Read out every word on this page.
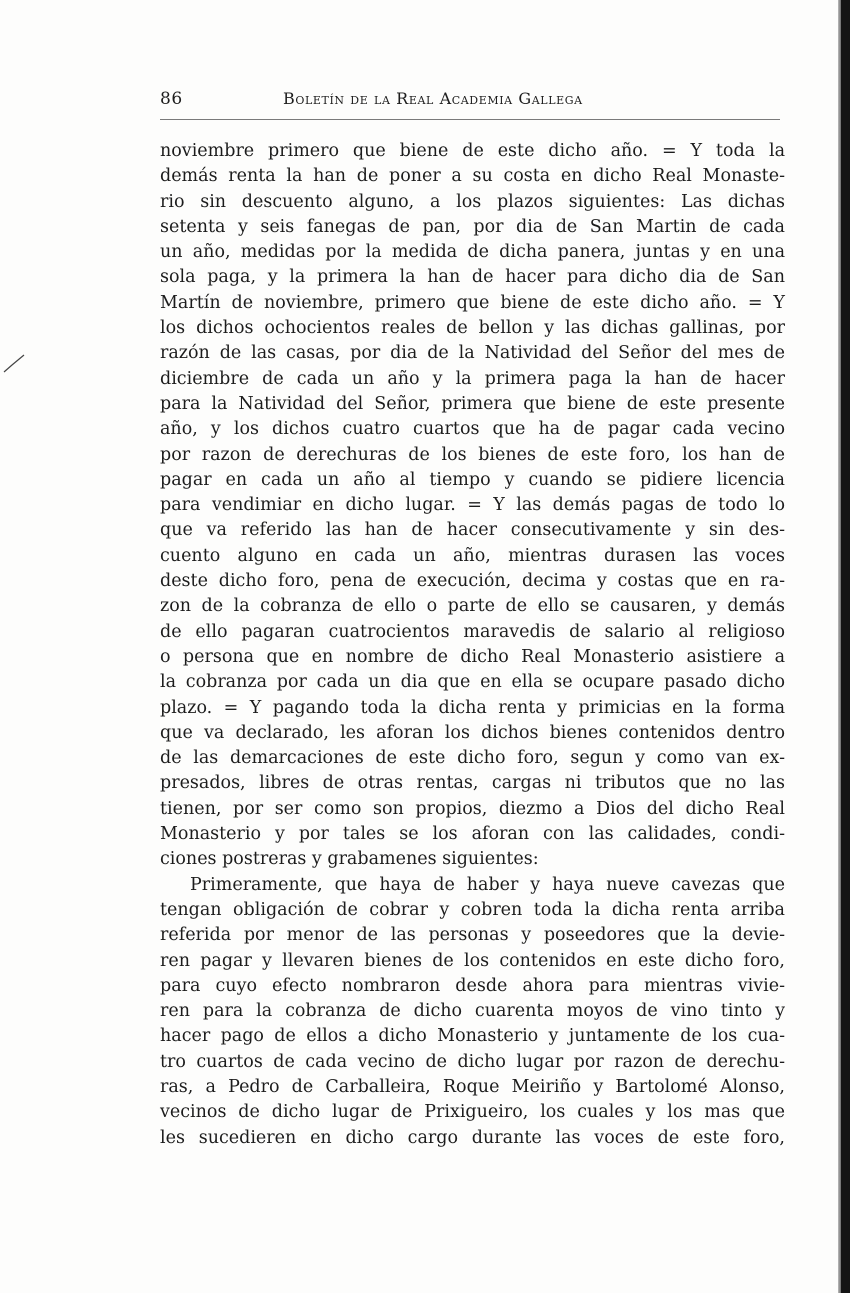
86	Boletín de la Real Academia Gallega
noviembre primero que biene de este dicho año. = Y toda la
demás renta la han de poner a su costa en dicho Real Monaste-
rio sin descuento alguno, a los plazos siguientes: Las dichas
setenta y seis fanegas de pan, por dia de San Martin de cada
un año, medidas por la medida de dicha panera, juntas y en una
sola paga, y la primera la han de hacer para dicho dia de San
Martín de noviembre, primero que biene de este dicho año. = Y
los dichos ochocientos reales de bellon y las dichas gallinas, por
razón de las casas, por dia de la Natividad del Señor del mes de
diciembre de cada un año y la primera paga la han de hacer
para la Natividad del Señor, primera que biene de este presente
año, y los dichos cuatro cuartos que ha de pagar cada vecino
por razon de derechuras de los bienes de este foro, los han de
pagar en cada un año al tiempo y cuando se pidiere licencia
para vendimiar en dicho lugar. = Y las demás pagas de todo lo
que va referido las han de hacer consecutivamente y sin des-
cuento alguno en cada un año, mientras durasen las voces
deste dicho foro, pena de execución, decima y costas que en ra-
zon de la cobranza de ello o parte de ello se causaren, y demás
de ello pagaran cuatrocientos maravedis de salario al religioso
o persona que en nombre de dicho Real Monasterio asistiere a
la cobranza por cada un dia que en ella se ocupare pasado dicho
plazo. = Y pagando toda la dicha renta y primicias en la forma
que va declarado, les aforan los dichos bienes contenidos dentro
de las demarcaciones de este dicho foro, segun y como van ex-
presados, libres de otras rentas, cargas ni tributos que no las
tienen, por ser como son propios, diezmo a Dios del dicho Real
Monasterio y por tales se los aforan con las calidades, condi-
ciones postreras y grabamenes siguientes:
Primeramente, que haya de haber y haya nueve cavezas que
tengan obligación de cobrar y cobren toda la dicha renta arriba
referida por menor de las personas y poseedores que la devie-
ren pagar y llevaren bienes de los contenidos en este dicho foro,
para cuyo efecto nombraron desde ahora para mientras vivie-
ren para la cobranza de dicho cuarenta moyos de vino tinto y
hacer pago de ellos a dicho Monasterio y juntamente de los cua-
tro cuartos de cada vecino de dicho lugar por razon de derechu-
ras, a Pedro de Carballeira, Roque Meiriño y Bartolomé Alonso,
vecinos de dicho lugar de Prixigueiro, los cuales y los mas que
les sucedieren en dicho cargo durante las voces de este foro,
